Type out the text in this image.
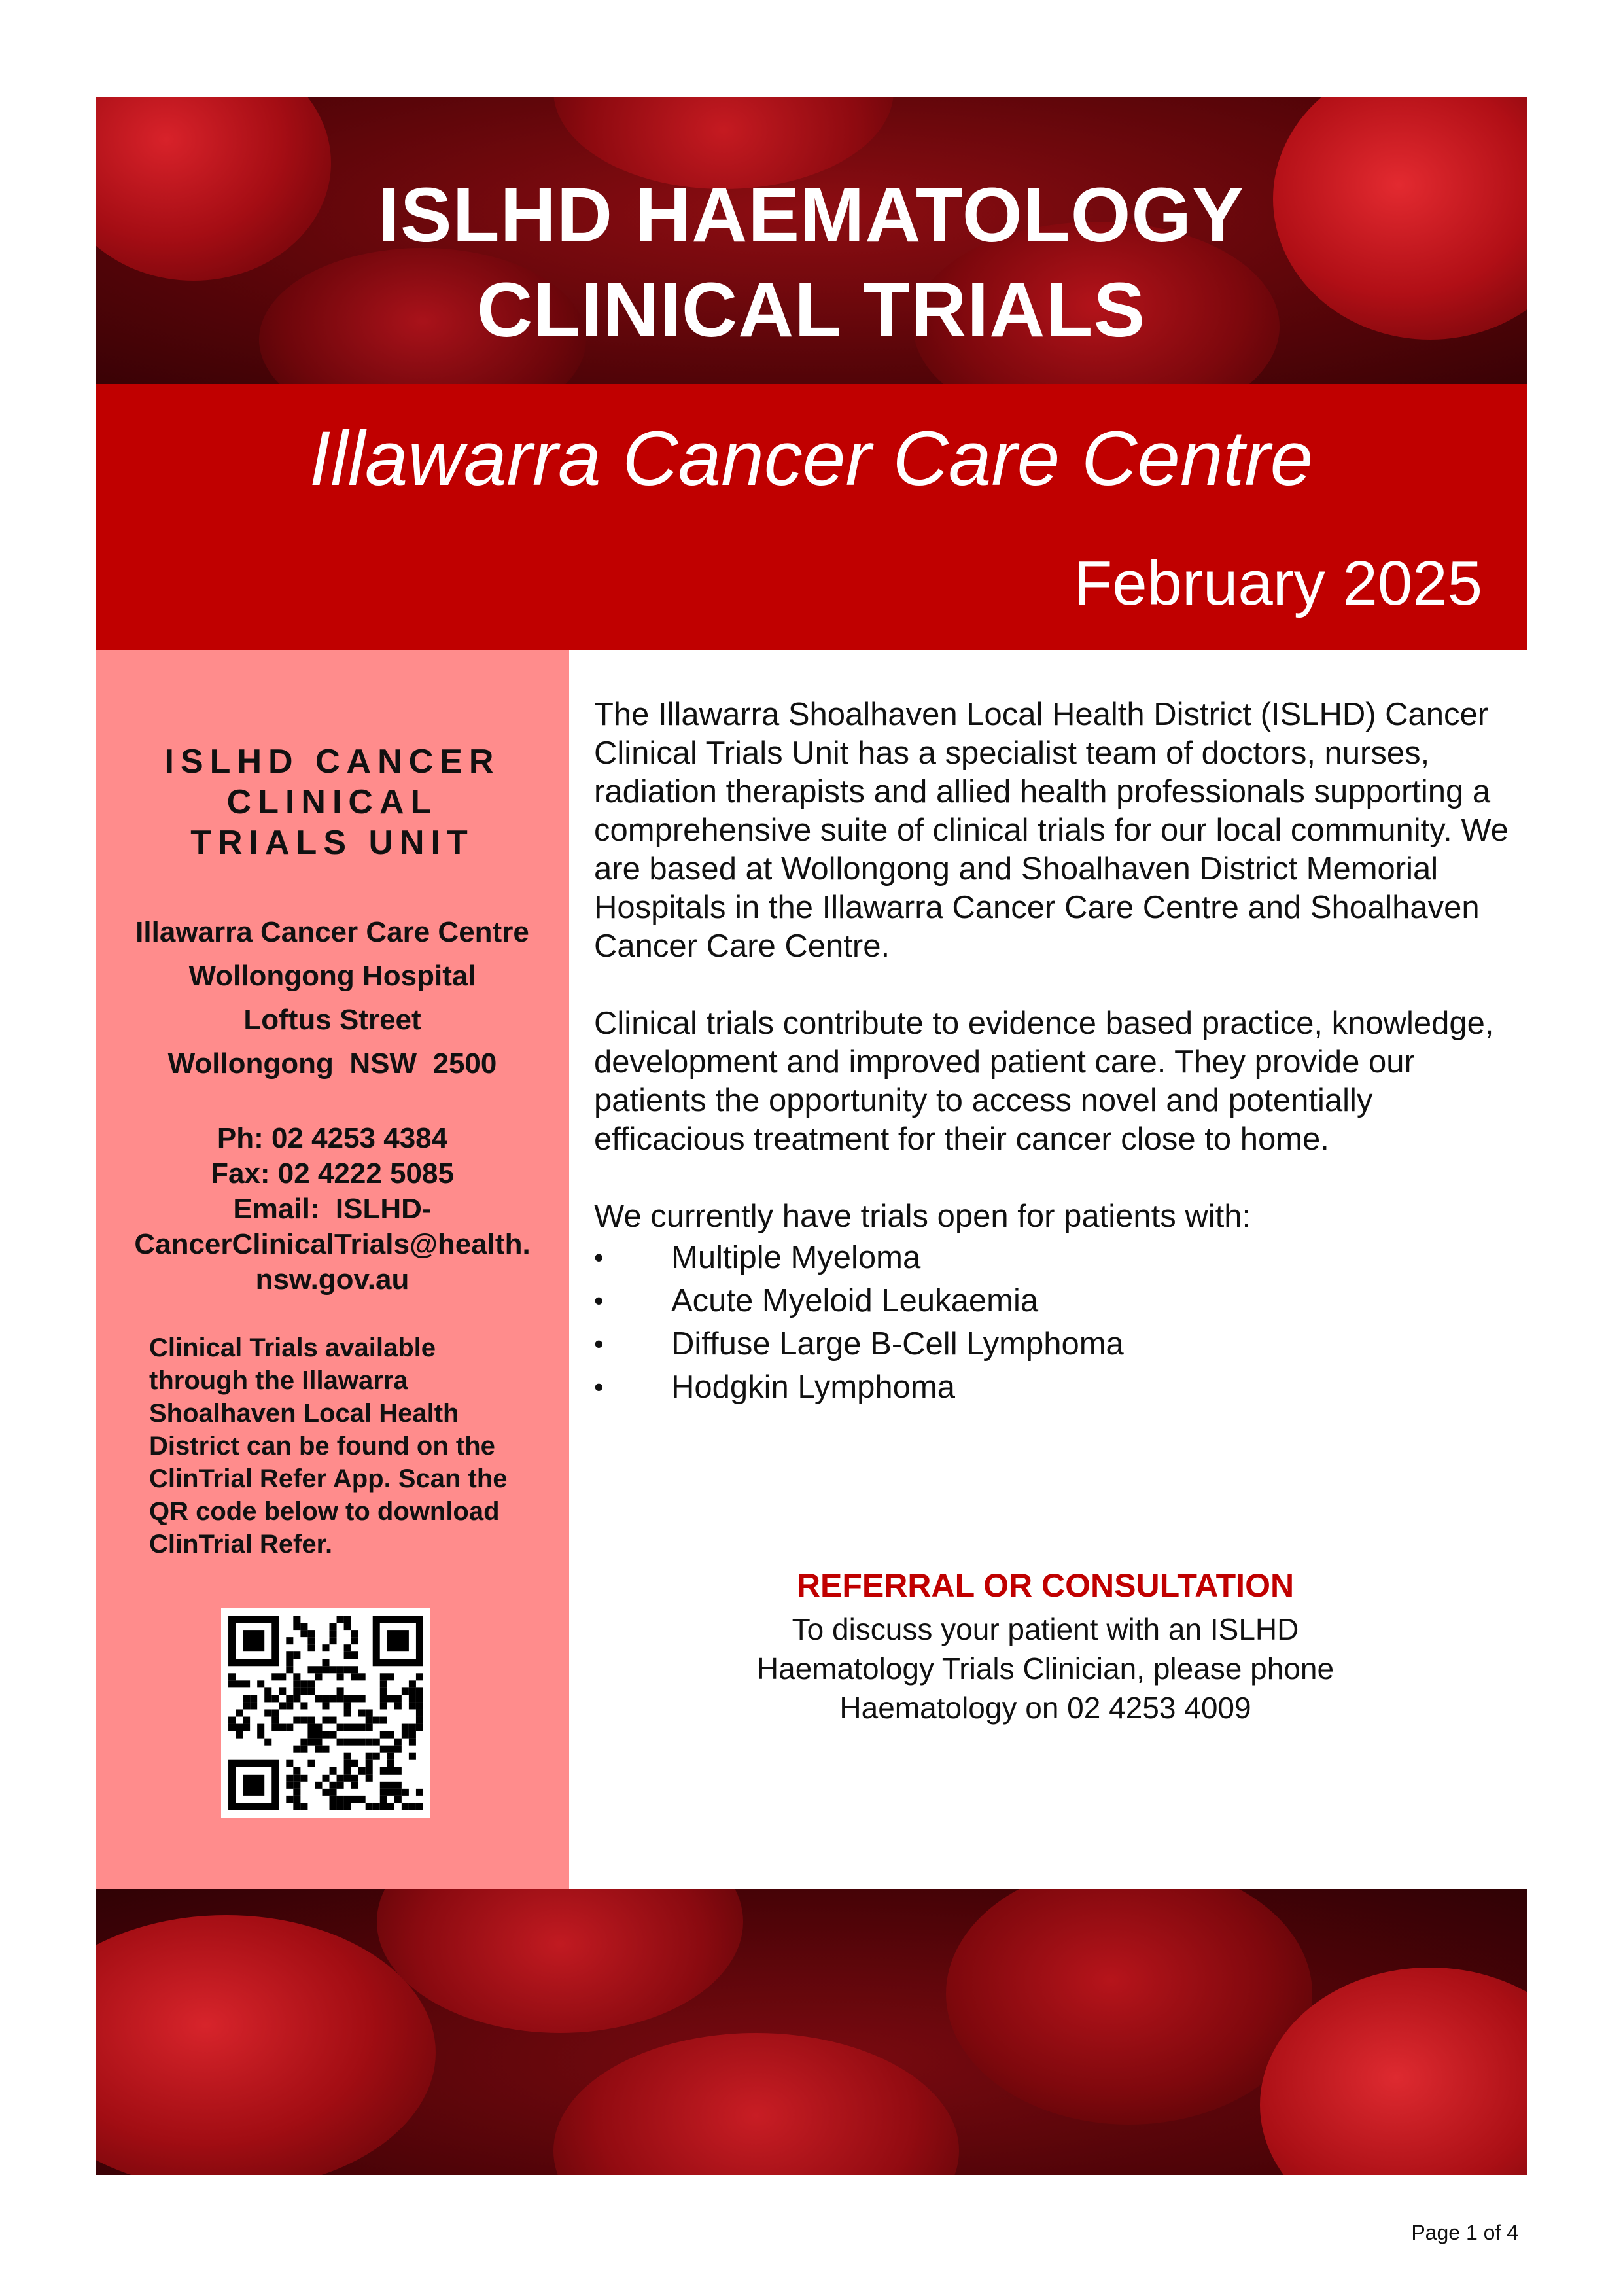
ISLHD HAEMATOLOGY
CLINICAL TRIALS
Illawarra Cancer Care Centre
February 2025
ISLHD CANCER
CLINICAL
TRIALS UNIT
Illawarra Cancer Care Centre
Wollongong Hospital
Loftus Street
Wollongong  NSW  2500
Ph: 02 4253 4384
Fax: 02 4222 5085
Email:  ISLHD-
CancerClinicalTrials@health.
nsw.gov.au
Clinical Trials available through the Illawarra Shoalhaven Local Health District can be found on the ClinTrial Refer App. Scan the QR code below to download ClinTrial Refer.

The Illawarra Shoalhaven Local Health District (ISLHD) Cancer Clinical Trials Unit has a specialist team of doctors, nurses, radiation therapists and allied health professionals supporting a comprehensive suite of clinical trials for our local community. We are based at Wollongong and Shoalhaven District Memorial Hospitals in the Illawarra Cancer Care Centre and Shoalhaven Cancer Care Centre.

Clinical trials contribute to evidence based practice, knowledge, development and improved patient care. They provide our patients the opportunity to access novel and potentially efficacious treatment for their cancer close to home.

We currently have trials open for patients with:
• Multiple Myeloma
• Acute Myeloid Leukaemia
• Diffuse Large B-Cell Lymphoma
• Hodgkin Lymphoma
REFERRAL OR CONSULTATION
To discuss your patient with an ISLHD
Haematology Trials Clinician, please phone
Haematology on 02 4253 4009
Page 1 of 4
